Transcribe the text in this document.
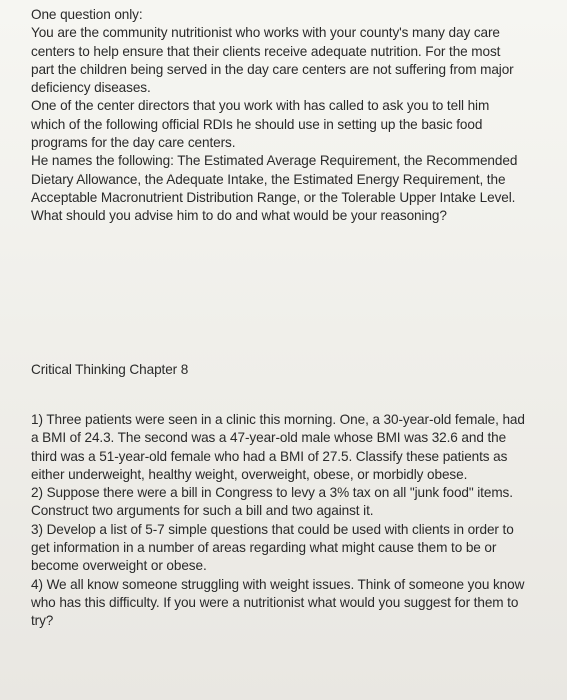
One question only:

You are the community nutritionist who works with your county's many day care centers to help ensure that their clients receive adequate nutrition. For the most part the children being served in the day care centers are not suffering from major deficiency diseases.

One of the center directors that you work with has called to ask you to tell him which of the following official RDIs he should use in setting up the basic food programs for the day care centers.

He names the following: The Estimated Average Requirement, the Recommended Dietary Allowance, the Adequate Intake, the Estimated Energy Requirement, the Acceptable Macronutrient Distribution Range, or the Tolerable Upper Intake Level.

What should you advise him to do and what would be your reasoning?

Critical Thinking Chapter 8

1) Three patients were seen in a clinic this morning. One, a 30-year-old female, had a BMI of 24.3. The second was a 47-year-old male whose BMI was 32.6 and the third was a 51-year-old female who had a BMI of 27.5. Classify these patients as either underweight, healthy weight, overweight, obese, or morbidly obese.

2) Suppose there were a bill in Congress to levy a 3% tax on all "junk food" items. Construct two arguments for such a bill and two against it.

3) Develop a list of 5-7 simple questions that could be used with clients in order to get information in a number of areas regarding what might cause them to be or become overweight or obese.

4) We all know someone struggling with weight issues. Think of someone you know who has this difficulty. If you were a nutritionist what would you suggest for them to try?
